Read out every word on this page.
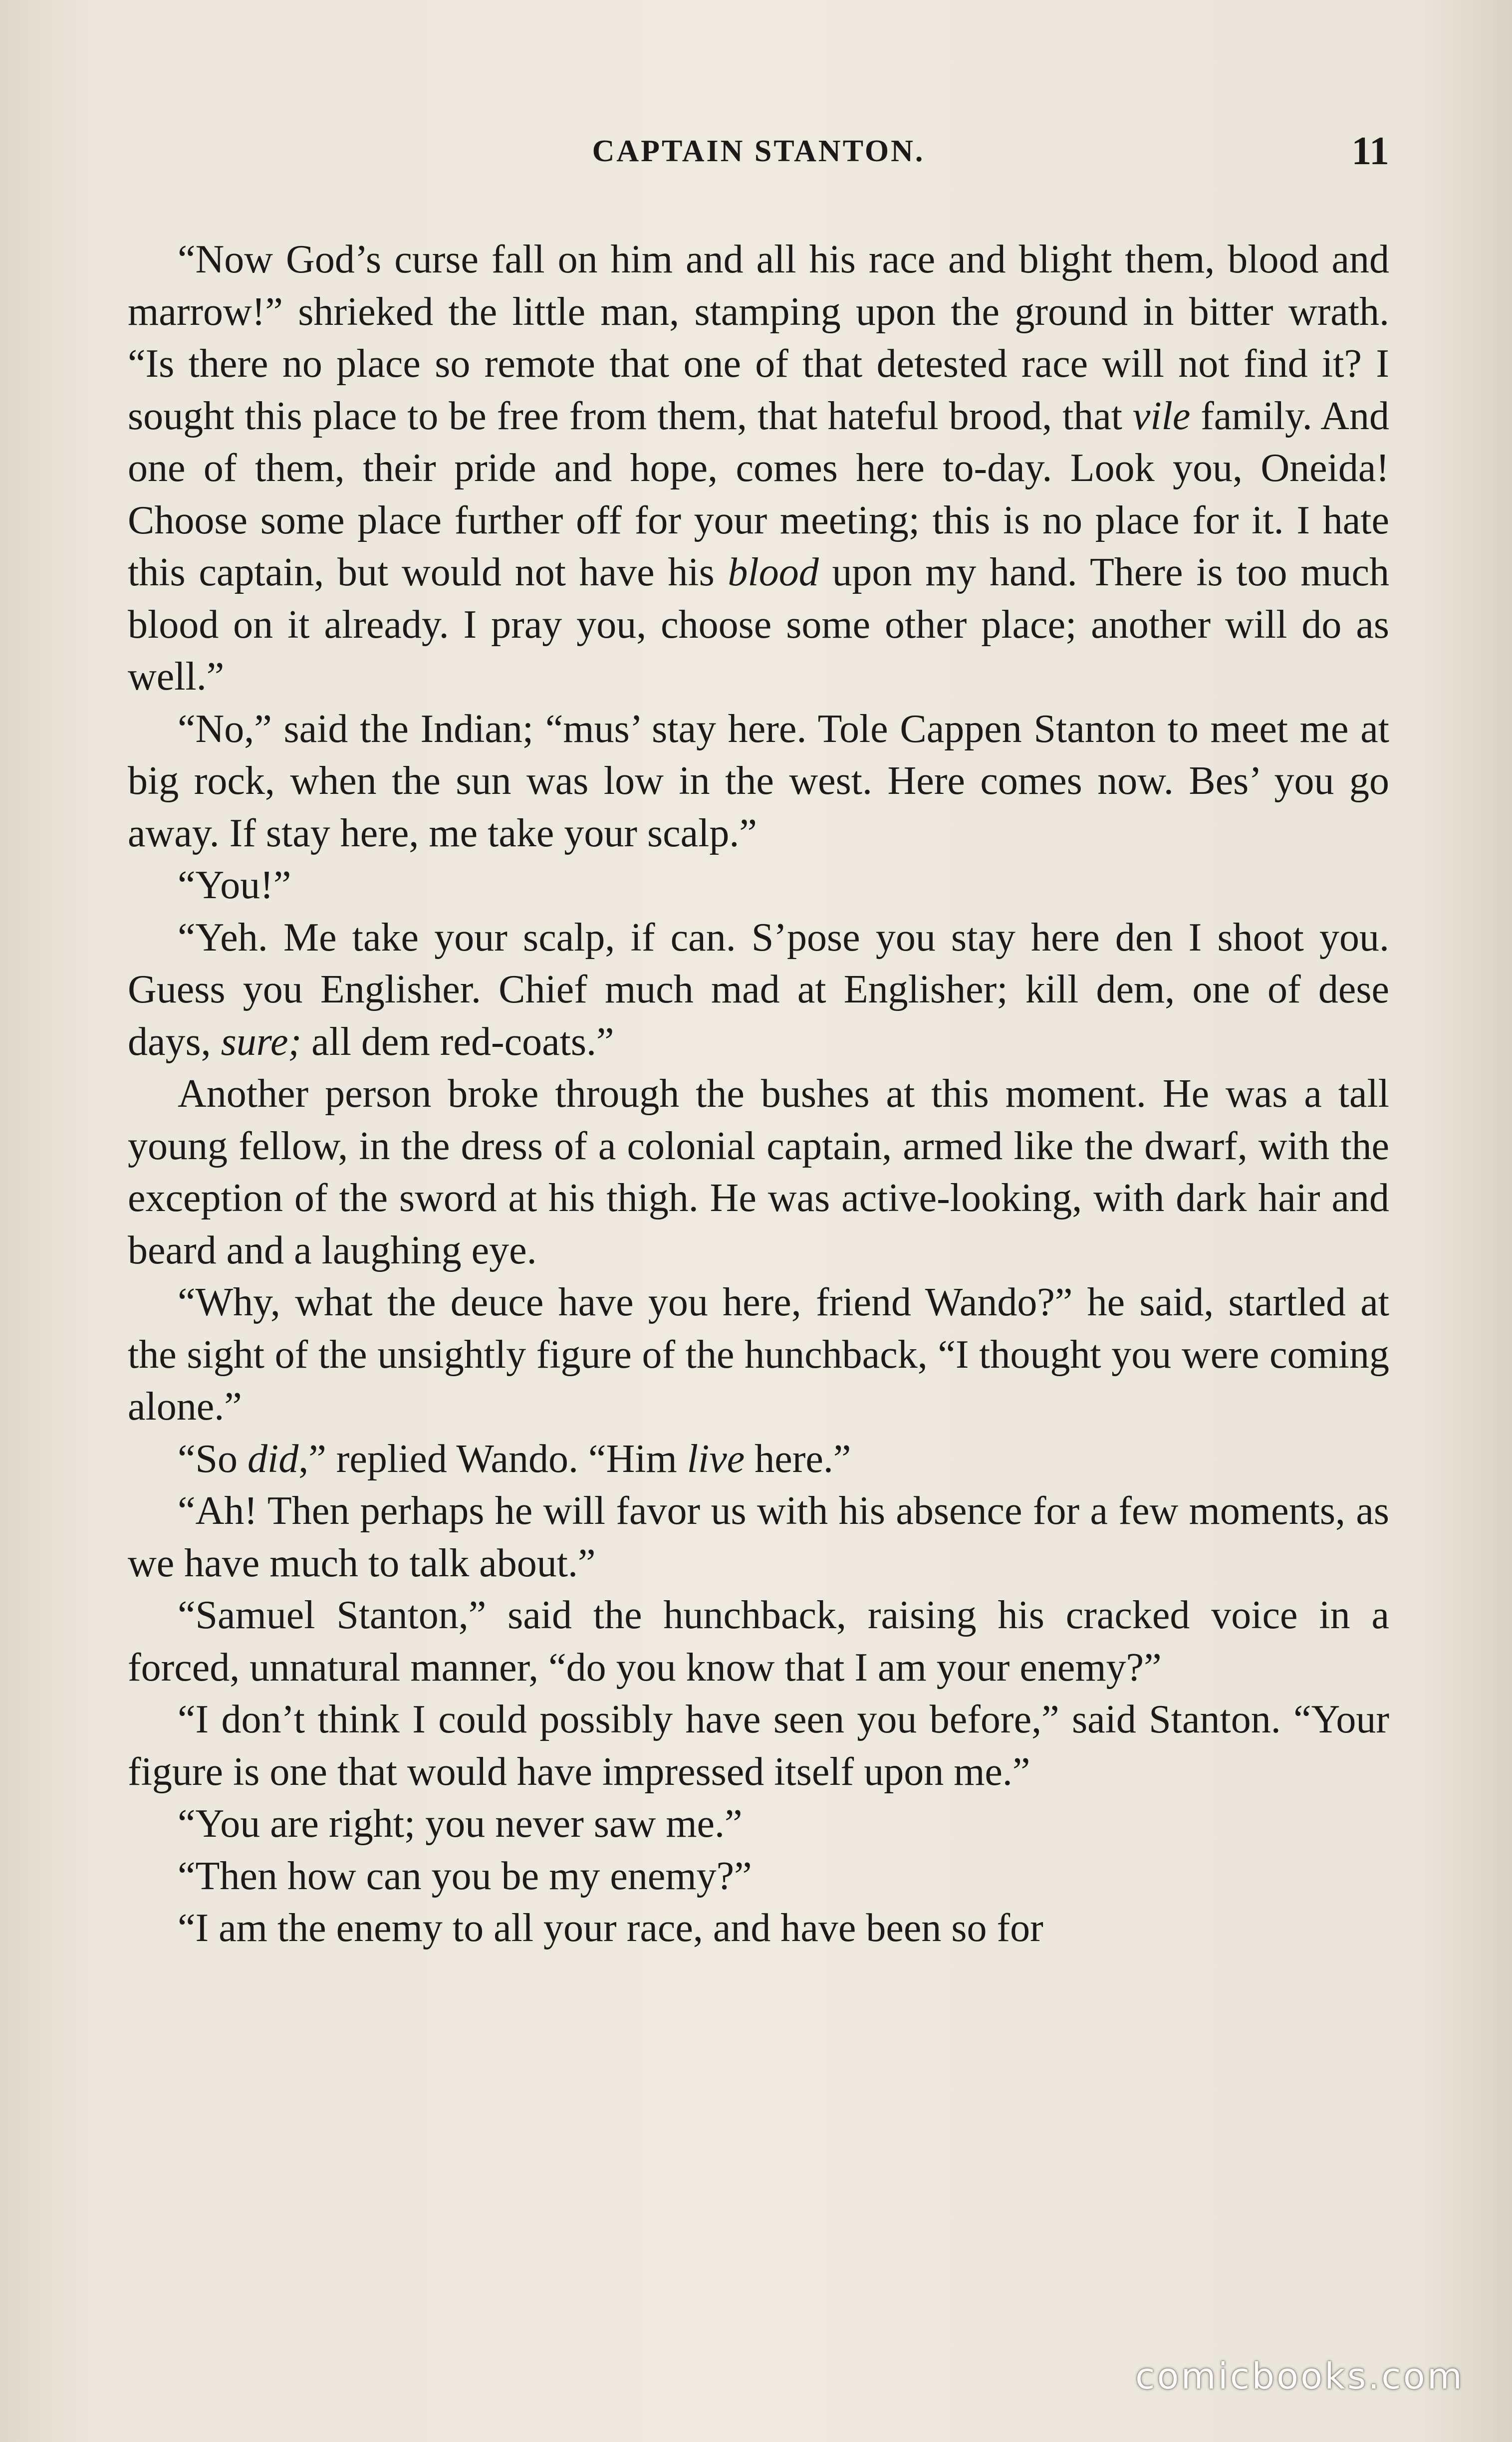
CAPTAIN STANTON.	11

“Now God’s curse fall on him and all his race and blight them, blood and marrow!” shrieked the little man, stamping upon the ground in bitter wrath. “Is there no place so remote that one of that detested race will not find it? I sought this place to be free from them, that hateful brood, that vile family. And one of them, their pride and hope, comes here to-day. Look you, Oneida! Choose some place further off for your meeting; this is no place for it. I hate this captain, but would not have his blood upon my hand. There is too much blood on it already. I pray you, choose some other place; another will do as well.”

“No,” said the Indian; “mus’ stay here. Tole Cappen Stanton to meet me at big rock, when the sun was low in the west. Here comes now. Bes’ you go away. If stay here, me take your scalp.”

“You!”

“Yeh. Me take your scalp, if can. S’pose you stay here den I shoot you. Guess you Englisher. Chief much mad at Englisher; kill dem, one of dese days, sure; all dem red-coats.”

Another person broke through the bushes at this moment. He was a tall young fellow, in the dress of a colonial captain, armed like the dwarf, with the exception of the sword at his thigh. He was active-looking, with dark hair and beard and a laughing eye.

“Why, what the deuce have you here, friend Wando?” he said, startled at the sight of the unsightly figure of the hunchback, “I thought you were coming alone.”

“So did,” replied Wando. “Him live here.”

“Ah! Then perhaps he will favor us with his absence for a few moments, as we have much to talk about.”

“Samuel Stanton,” said the hunchback, raising his cracked voice in a forced, unnatural manner, “do you know that I am your enemy?”

“I don’t think I could possibly have seen you before,” said Stanton. “Your figure is one that would have impressed itself upon me.”

“You are right; you never saw me.”

“Then how can you be my enemy?”

“I am the enemy to all your race, and have been so for

comicbooks.com
